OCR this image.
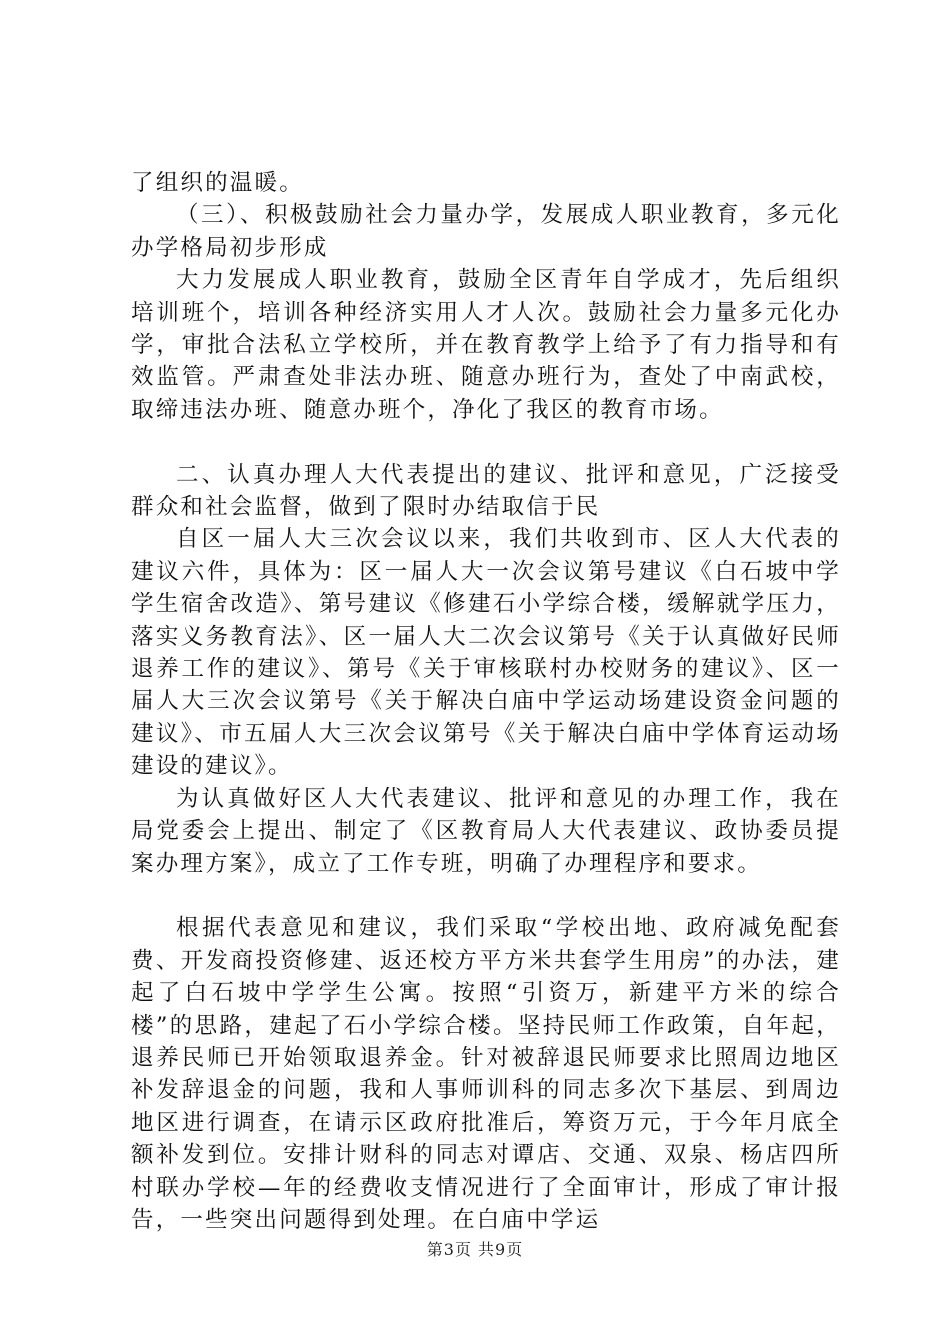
了组织的温暖。

（三）、积极鼓励社会力量办学，发展成人职业教育，多元化办学格局初步形成

大力发展成人职业教育，鼓励全区青年自学成才，先后组织培训班个，培训各种经济实用人才人次。鼓励社会力量多元化办学，审批合法私立学校所，并在教育教学上给予了有力指导和有效监管。严肃查处非法办班、随意办班行为，查处了中南武校，取缔违法办班、随意办班个，净化了我区的教育市场。

二、认真办理人大代表提出的建议、批评和意见，广泛接受群众和社会监督，做到了限时办结取信于民

自区一届人大三次会议以来，我们共收到市、区人大代表的建议六件，具体为：区一届人大一次会议第号建议《白石坡中学学生宿舍改造》、第号建议《修建石小学综合楼，缓解就学压力，落实义务教育法》、区一届人大二次会议第号《关于认真做好民师退养工作的建议》、第号《关于审核联村办校财务的建议》、区一届人大三次会议第号《关于解决白庙中学运动场建设资金问题的建议》、市五届人大三次会议第号《关于解决白庙中学体育运动场建设的建议》。

为认真做好区人大代表建议、批评和意见的办理工作，我在局党委会上提出、制定了《区教育局人大代表建议、政协委员提案办理方案》，成立了工作专班，明确了办理程序和要求。

根据代表意见和建议，我们采取“学校出地、政府减免配套费、开发商投资修建、返还校方平方米共套学生用房”的办法，建起了白石坡中学学生公寓。按照“引资万，新建平方米的综合楼”的思路，建起了石小学综合楼。坚持民师工作政策，自年起，退养民师已开始领取退养金。针对被辞退民师要求比照周边地区补发辞退金的问题，我和人事师训科的同志多次下基层、到周边地区进行调查，在请示区政府批准后，筹资万元，于今年月底全额补发到位。安排计财科的同志对谭店、交通、双泉、杨店四所村联办学校—年的经费收支情况进行了全面审计，形成了审计报告，一些突出问题得到处理。在白庙中学运

第3页 共9页
